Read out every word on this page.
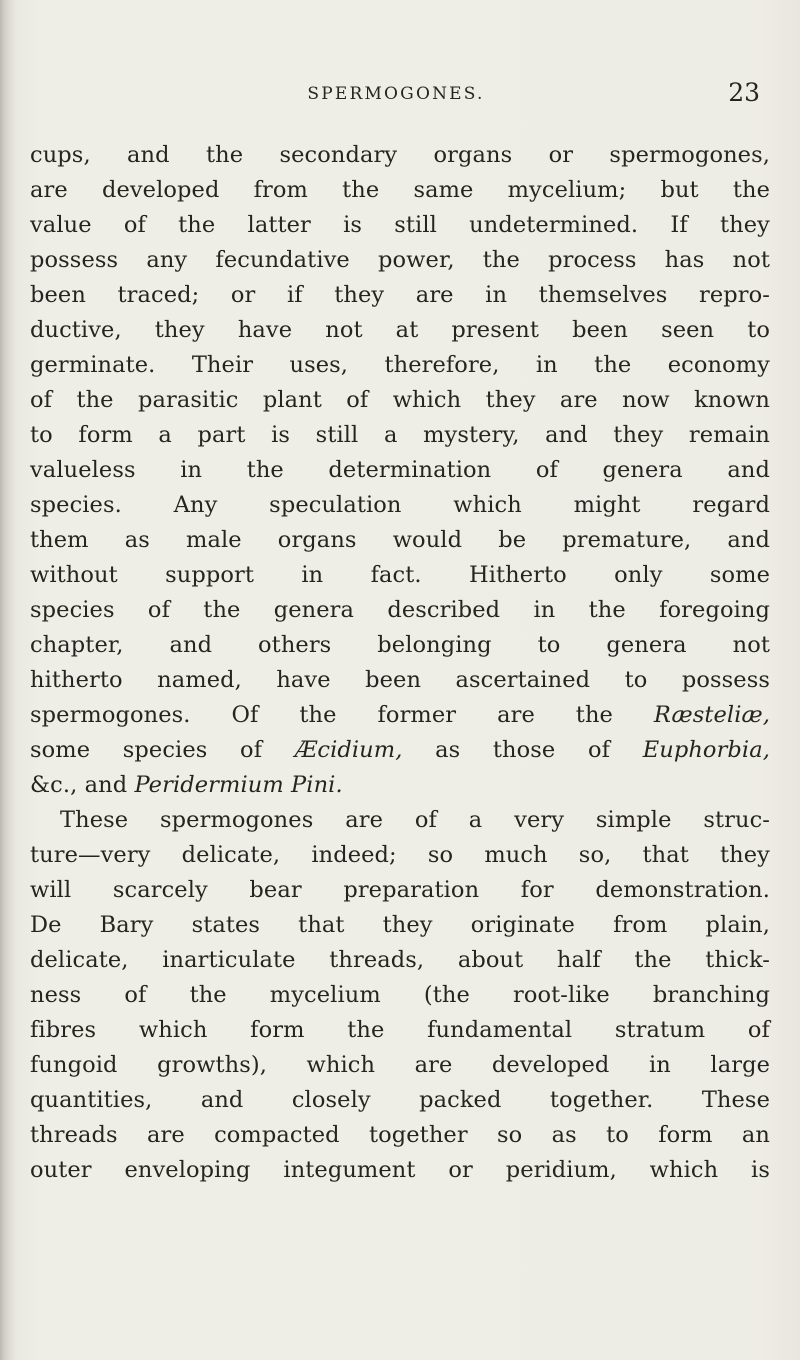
SPERMOGONES.	23
cups, and the secondary organs or spermogones,
are developed from the same mycelium; but the
value of the latter is still undetermined. If they
possess any fecundative power, the process has not
been traced; or if they are in themselves repro-
ductive, they have not at present been seen to
germinate. Their uses, therefore, in the economy
of the parasitic plant of which they are now known
to form a part is still a mystery, and they remain
valueless in the determination of genera and
species. Any speculation which might regard
them as male organs would be premature, and
without support in fact. Hitherto only some
species of the genera described in the foregoing
chapter, and others belonging to genera not
hitherto named, have been ascertained to possess
spermogones. Of the former are the Ræsteliæ,
some species of Æcidium, as those of Euphorbia,
&c., and Peridermium Pini.
These spermogones are of a very simple struc-
ture—very delicate, indeed; so much so, that they
will scarcely bear preparation for demonstration.
De Bary states that they originate from plain,
delicate, inarticulate threads, about half the thick-
ness of the mycelium (the root-like branching
fibres which form the fundamental stratum of
fungoid growths), which are developed in large
quantities, and closely packed together. These
threads are compacted together so as to form an
outer enveloping integument or peridium, which is
